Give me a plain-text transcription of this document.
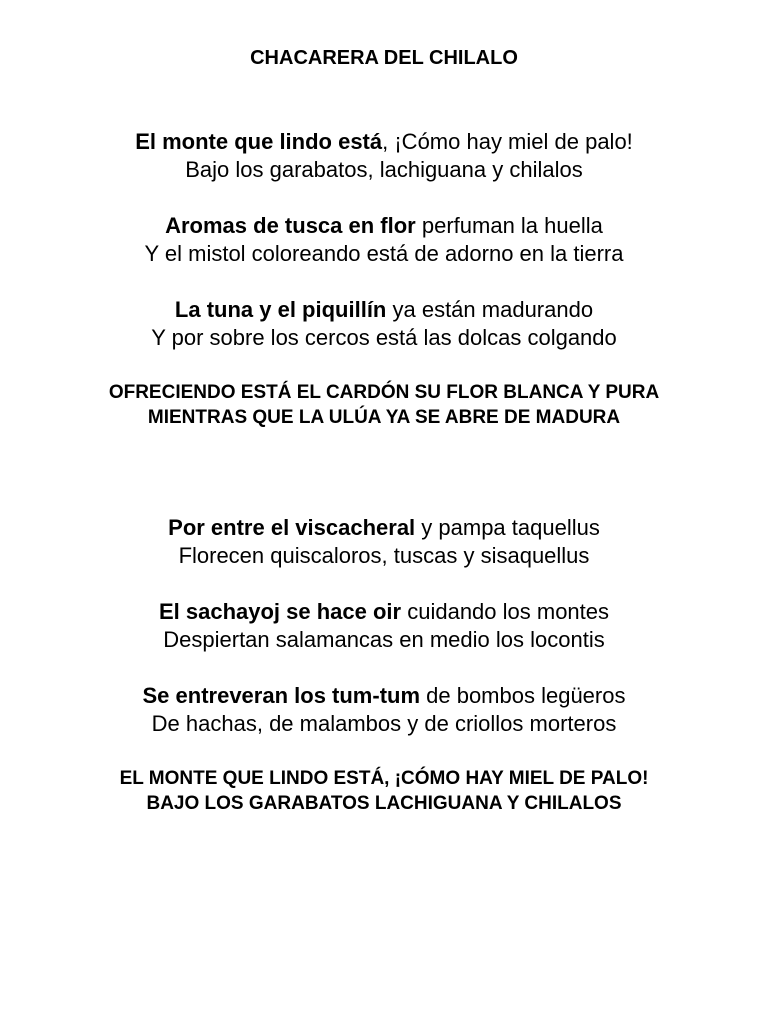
CHACARERA DEL CHILALO
El monte que lindo está, ¡Cómo hay miel de palo!
Bajo los garabatos, lachiguana y chilalos
Aromas de tusca en flor perfuman la huella
Y el mistol coloreando está de adorno en la tierra
La tuna y el piquillín ya están madurando
Y por sobre los cercos está las dolcas colgando
OFRECIENDO ESTÁ EL CARDÓN SU FLOR BLANCA Y PURA
MIENTRAS QUE LA ULÚA YA SE ABRE DE MADURA
Por entre el viscacheral y pampa taquellus
Florecen quiscaloros, tuscas y sisaquellus
El sachayoj se hace oir cuidando los montes
Despiertan salamancas en medio los locontis
Se entreveran los tum-tum de bombos legüeros
De hachas, de malambos y de criollos morteros
EL MONTE QUE LINDO ESTÁ, ¡CÓMO HAY MIEL DE PALO!
BAJO LOS GARABATOS LACHIGUANA Y CHILALOS
